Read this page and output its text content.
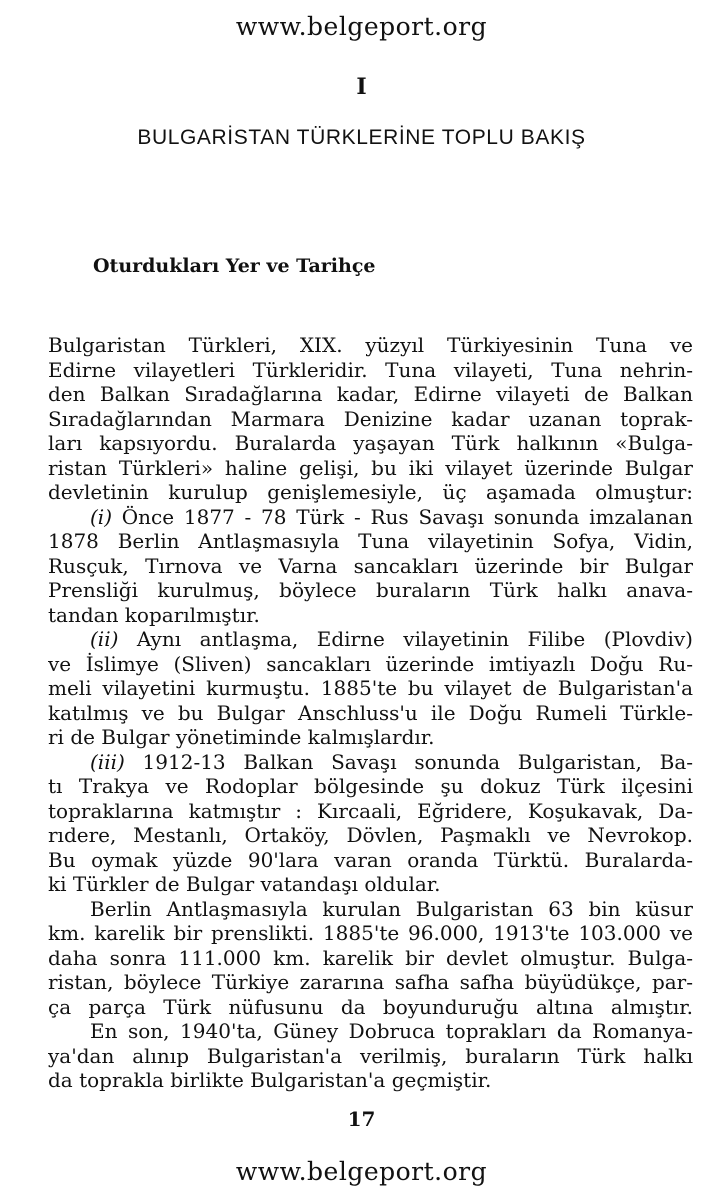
www.belgeport.org
I
BULGARİSTAN TÜRKLERİNE TOPLU BAKIŞ
Oturdukları Yer ve Tarihçe
Bulgaristan Türkleri, XIX. yüzyıl Türkiyesinin Tuna ve
Edirne vilayetleri Türkleridir. Tuna vilayeti, Tuna nehrin-
den Balkan Sıradağlarına kadar, Edirne vilayeti de Balkan
Sıradağlarından Marmara Denizine kadar uzanan toprak-
ları kapsıyordu. Buralarda yaşayan Türk halkının «Bulga-
ristan Türkleri» haline gelişi, bu iki vilayet üzerinde Bulgar
devletinin kurulup genişlemesiyle, üç aşamada olmuştur:
(i) Önce 1877 - 78 Türk - Rus Savaşı sonunda imzalanan
1878 Berlin Antlaşmasıyla Tuna vilayetinin Sofya, Vidin,
Rusçuk, Tırnova ve Varna sancakları üzerinde bir Bulgar
Prensliği kurulmuş, böylece buraların Türk halkı anava-
tandan koparılmıştır.
(ii) Aynı antlaşma, Edirne vilayetinin Filibe (Plovdiv)
ve İslimye (Sliven) sancakları üzerinde imtiyazlı Doğu Ru-
meli vilayetini kurmuştu. 1885'te bu vilayet de Bulgaristan'a
katılmış ve bu Bulgar Anschluss'u ile Doğu Rumeli Türkle-
ri de Bulgar yönetiminde kalmışlardır.
(iii) 1912-13 Balkan Savaşı sonunda Bulgaristan, Ba-
tı Trakya ve Rodoplar bölgesinde şu dokuz Türk ilçesini
topraklarına katmıştır : Kırcaali, Eğridere, Koşukavak, Da-
rıdere, Mestanlı, Ortaköy, Dövlen, Paşmaklı ve Nevrokop.
Bu oymak yüzde 90'lara varan oranda Türktü. Buralarda-
ki Türkler de Bulgar vatandaşı oldular.
Berlin Antlaşmasıyla kurulan Bulgaristan 63 bin küsur
km. karelik bir prenslikti. 1885'te 96.000, 1913'te 103.000 ve
daha sonra 111.000 km. karelik bir devlet olmuştur. Bulga-
ristan, böylece Türkiye zararına safha safha büyüdükçe, par-
ça parça Türk nüfusunu da boyunduruğu altına almıştır.
En son, 1940'ta, Güney Dobruca toprakları da Romanya-
ya'dan alınıp Bulgaristan'a verilmiş, buraların Türk halkı
da toprakla birlikte Bulgaristan'a geçmiştir.
17
www.belgeport.org
